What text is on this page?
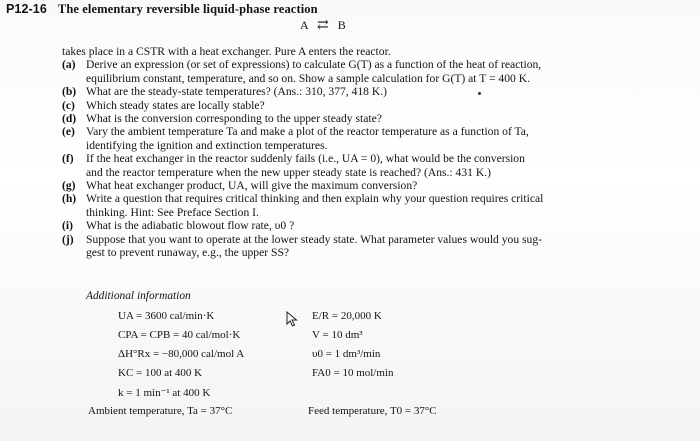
P12-16 The elementary reversible liquid-phase reaction
A ⇄ B

takes place in a CSTR with a heat exchanger. Pure A enters the reactor.

(a) Derive an expression (or set of expressions) to calculate G(T) as a function of the heat of reaction,
equilibrium constant, temperature, and so on. Show a sample calculation for G(T) at T = 400 K.
(b) What are the steady-state temperatures? (Ans.: 310, 377, 418 K.)
(c) Which steady states are locally stable?
(d) What is the conversion corresponding to the upper steady state?
(e) Vary the ambient temperature Ta and make a plot of the reactor temperature as a function of Ta,
identifying the ignition and extinction temperatures.
(f) If the heat exchanger in the reactor suddenly fails (i.e., UA = 0), what would be the conversion
and the reactor temperature when the new upper steady state is reached? (Ans.: 431 K.)
(g) What heat exchanger product, UA, will give the maximum conversion?
(h) Write a question that requires critical thinking and then explain why your question requires critical
thinking. Hint: See Preface Section I.
(i) What is the adiabatic blowout flow rate, υ0 ?
(j) Suppose that you want to operate at the lower steady state. What parameter values would you sug-
gest to prevent runaway, e.g., the upper SS?
Additional information
UA = 3600 cal/min·K
CPA = CPB = 40 cal/mol·K
ΔH°Rx = −80,000 cal/mol A
KC = 100 at 400 K
k = 1 min⁻¹ at 400 K
Ambient temperature, Ta = 37°C
E/R = 20,000 K
V = 10 dm³
υ0 = 1 dm³/min
FA0 = 10 mol/min
Feed temperature, T0 = 37°C
